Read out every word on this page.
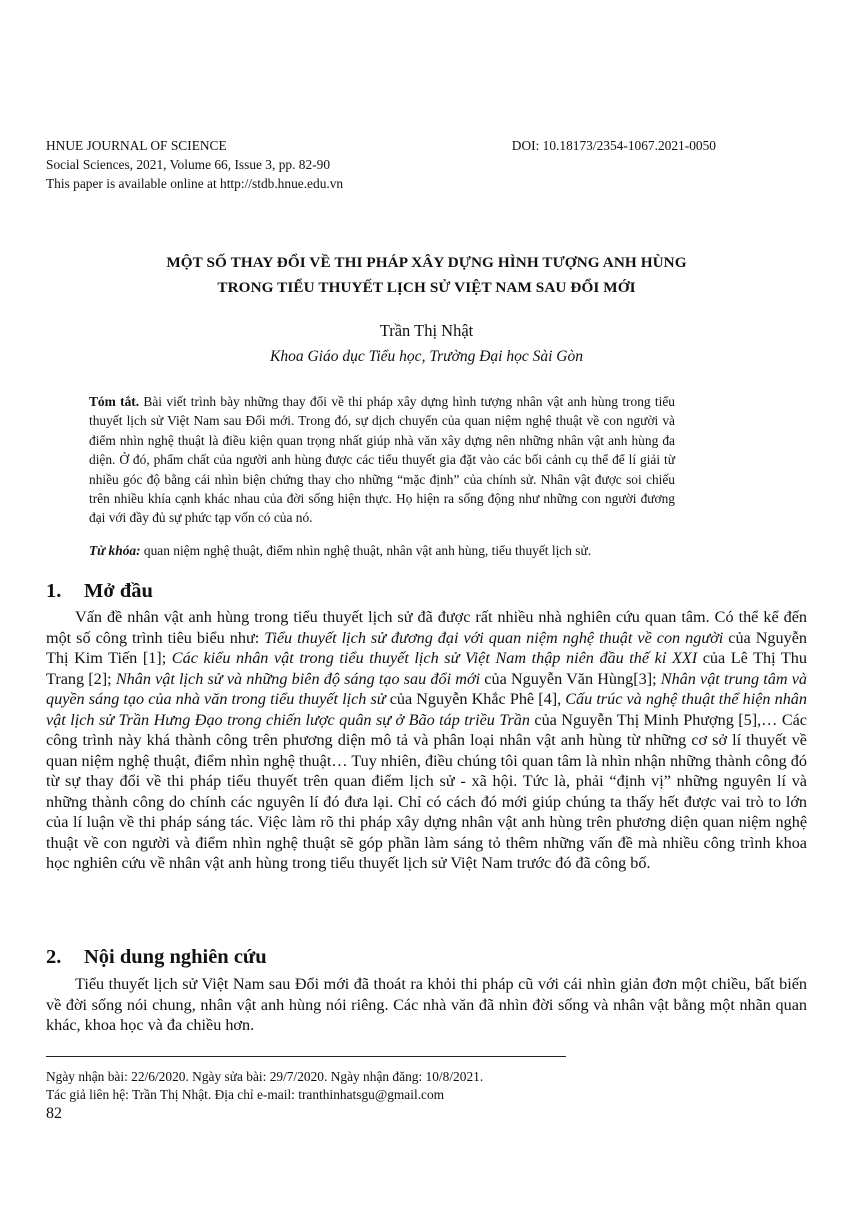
HNUE JOURNAL OF SCIENCE
Social Sciences, 2021, Volume 66, Issue 3, pp. 82-90
This paper is available online at http://stdb.hnue.edu.vn
DOI: 10.18173/2354-1067.2021-0050
MỘT SỐ THAY ĐỔI VỀ THI PHÁP XÂY DỰNG HÌNH TƯỢNG ANH HÙNG
TRONG TIỂU THUYẾT LỊCH SỬ VIỆT NAM SAU ĐỔI MỚI
Trần Thị Nhật
Khoa Giáo dục Tiểu học, Trường Đại học Sài Gòn
Tóm tắt. Bài viết trình bày những thay đổi về thi pháp xây dựng hình tượng nhân vật anh hùng trong tiểu thuyết lịch sử Việt Nam sau Đổi mới. Trong đó, sự dịch chuyển của quan niệm nghệ thuật về con người và điểm nhìn nghệ thuật là điều kiện quan trọng nhất giúp nhà văn xây dựng nên những nhân vật anh hùng đa diện. Ở đó, phẩm chất của người anh hùng được các tiểu thuyết gia đặt vào các bối cảnh cụ thể để lí giải từ nhiều góc độ bằng cái nhìn biện chứng thay cho những “mặc định” của chính sử. Nhân vật được soi chiếu trên nhiều khía cạnh khác nhau của đời sống hiện thực. Họ hiện ra sống động như những con người đương đại với đầy đủ sự phức tạp vốn có của nó.
Từ khóa: quan niệm nghệ thuật, điểm nhìn nghệ thuật, nhân vật anh hùng, tiểu thuyết lịch sử.
1. Mở đầu
Vấn đề nhân vật anh hùng trong tiểu thuyết lịch sử đã được rất nhiều nhà nghiên cứu quan tâm. Có thể kể đến một số công trình tiêu biểu như: Tiểu thuyết lịch sử đương đại với quan niệm nghệ thuật về con người của Nguyễn Thị Kim Tiến [1]; Các kiểu nhân vật trong tiểu thuyết lịch sử Việt Nam thập niên đầu thế kỉ XXI của Lê Thị Thu Trang [2]; Nhân vật lịch sử và những biên độ sáng tạo sau đổi mới của Nguyễn Văn Hùng[3]; Nhân vật trung tâm và quyền sáng tạo của nhà văn trong tiểu thuyết lịch sử của Nguyễn Khắc Phê [4], Cấu trúc và nghệ thuật thể hiện nhân vật lịch sử Trần Hưng Đạo trong chiến lược quân sự ở Bão táp triều Trần của Nguyễn Thị Minh Phượng [5],… Các công trình này khá thành công trên phương diện mô tả và phân loại nhân vật anh hùng từ những cơ sở lí thuyết về quan niệm nghệ thuật, điểm nhìn nghệ thuật… Tuy nhiên, điều chúng tôi quan tâm là nhìn nhận những thành công đó từ sự thay đổi về thi pháp tiểu thuyết trên quan điểm lịch sử - xã hội. Tức là, phải “định vị” những nguyên lí và những thành công do chính các nguyên lí đó đưa lại. Chỉ có cách đó mới giúp chúng ta thấy hết được vai trò to lớn của lí luận về thi pháp sáng tác. Việc làm rõ thi pháp xây dựng nhân vật anh hùng trên phương diện quan niệm nghệ thuật về con người và điểm nhìn nghệ thuật sẽ góp phần làm sáng tỏ thêm những vấn đề mà nhiều công trình khoa học nghiên cứu về nhân vật anh hùng trong tiểu thuyết lịch sử Việt Nam trước đó đã công bố.
2. Nội dung nghiên cứu
Tiểu thuyết lịch sử Việt Nam sau Đổi mới đã thoát ra khỏi thi pháp cũ với cái nhìn giản đơn một chiều, bất biến về đời sống nói chung, nhân vật anh hùng nói riêng. Các nhà văn đã nhìn đời sống và nhân vật bằng một nhãn quan khác, khoa học và đa chiều hơn.
Ngày nhận bài: 22/6/2020. Ngày sửa bài: 29/7/2020. Ngày nhận đăng: 10/8/2021.
Tác giả liên hệ: Trần Thị Nhật. Địa chỉ e-mail: tranthinhatsgu@gmail.com
82
